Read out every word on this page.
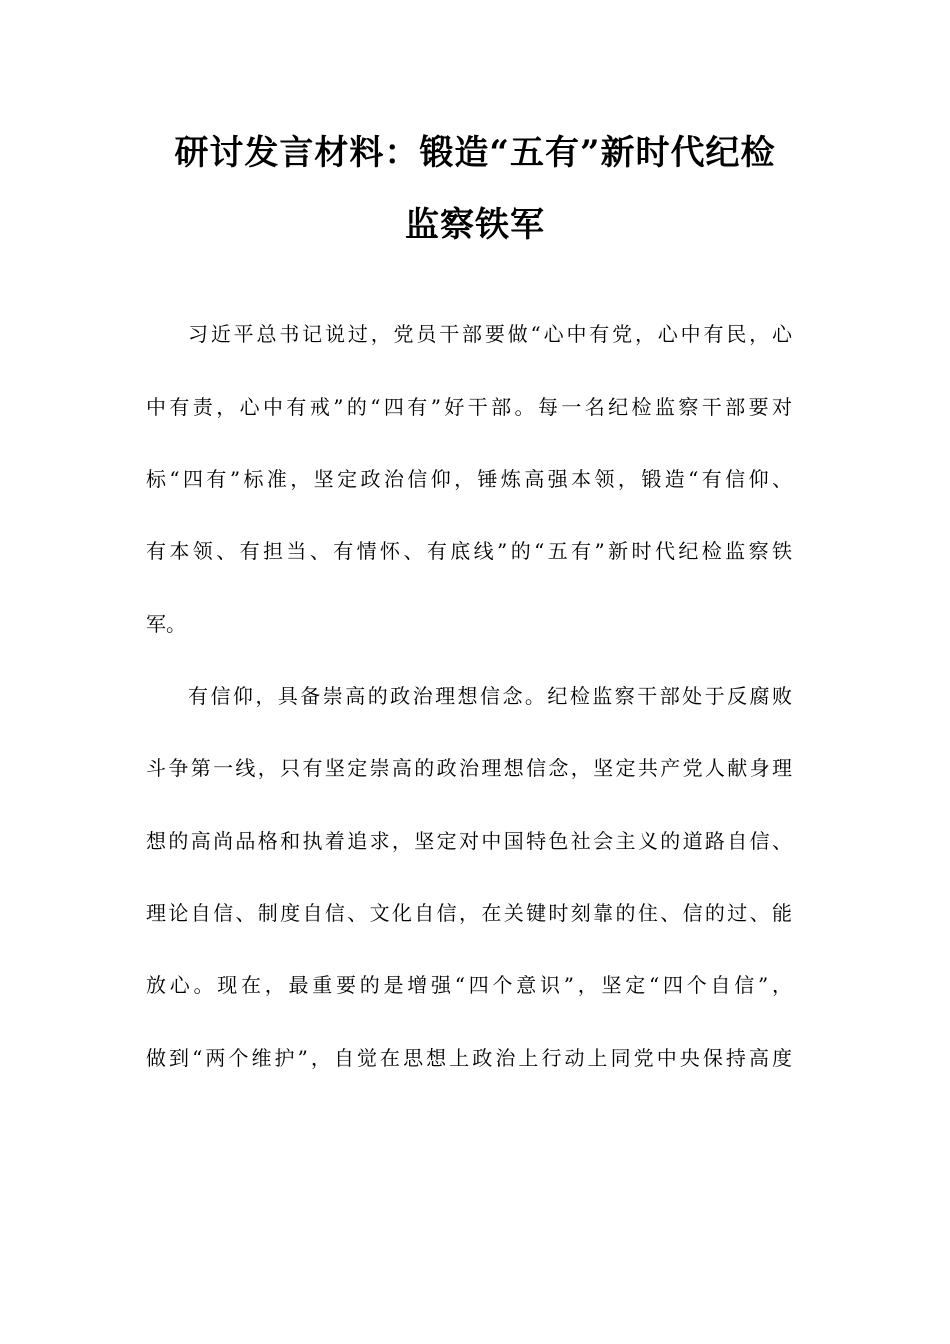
研讨发言材料：锻造“五有”新时代纪检
监察铁军
习近平总书记说过，党员干部要做“心中有党，心中有民，心
中有责，心中有戒”的“四有”好干部。每一名纪检监察干部要对
标“四有”标准，坚定政治信仰，锤炼高强本领，锻造“有信仰、
有本领、有担当、有情怀、有底线”的“五有”新时代纪检监察铁
军。
有信仰，具备崇高的政治理想信念。纪检监察干部处于反腐败
斗争第一线，只有坚定崇高的政治理想信念，坚定共产党人献身理
想的高尚品格和执着追求，坚定对中国特色社会主义的道路自信、
理论自信、制度自信、文化自信，在关键时刻靠的住、信的过、能
放心。现在，最重要的是增强“四个意识”，坚定“四个自信”，
做到“两个维护”，自觉在思想上政治上行动上同党中央保持高度
